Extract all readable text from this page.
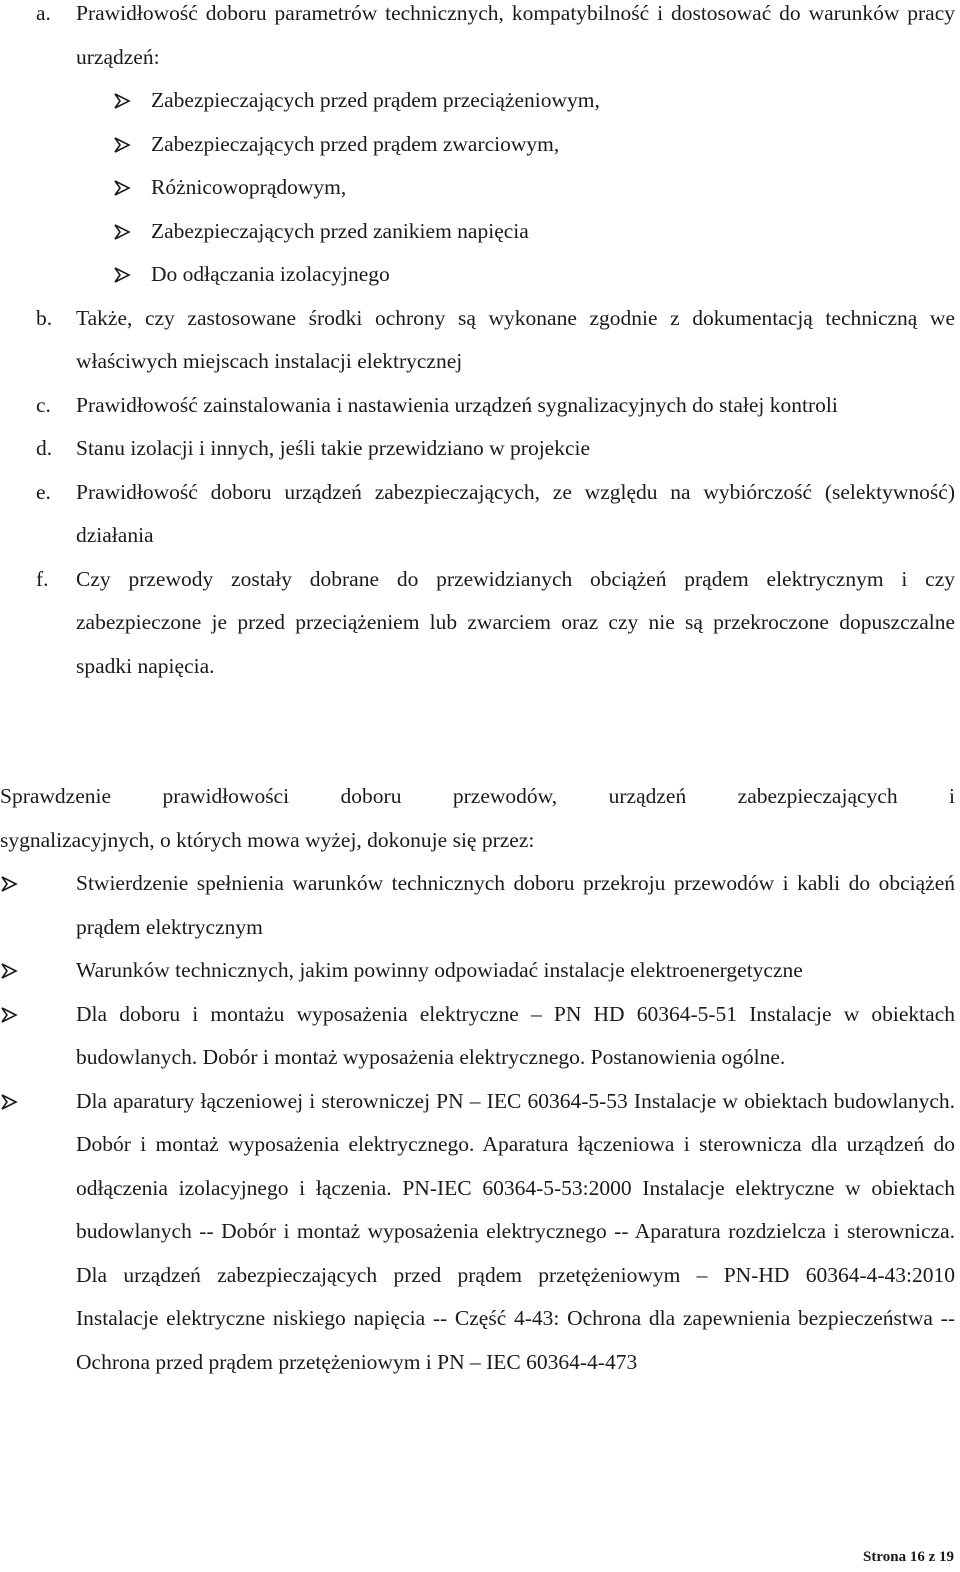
a. Prawidłowość doboru parametrów technicznych, kompatybilność i dostosować do warunków pracy urządzeń:
Zabezpieczających przed prądem przeciążeniowym,
Zabezpieczających przed prądem zwarciowym,
Różnicowoprądowym,
Zabezpieczających przed zanikiem napięcia
Do odłączania izolacyjnego
b. Także, czy zastosowane środki ochrony są wykonane zgodnie z dokumentacją techniczną we właściwych miejscach instalacji elektrycznej
c. Prawidłowość zainstalowania i nastawienia urządzeń sygnalizacyjnych do stałej kontroli
d. Stanu izolacji i innych, jeśli takie przewidziano w projekcie
e. Prawidłowość doboru urządzeń zabezpieczających, ze względu na wybiórczość (selektywność) działania
f. Czy przewody zostały dobrane do przewidzianych obciążeń prądem elektrycznym i czy zabezpieczone je przed przeciążeniem lub zwarciem oraz czy nie są przekroczone dopuszczalne spadki napięcia.

Sprawdzenie prawidłowości doboru przewodów, urządzeń zabezpieczających i
sygnalizacyjnych, o których mowa wyżej, dokonuje się przez:

Stwierdzenie spełnienia warunków technicznych doboru przekroju przewodów i kabli do obciążeń prądem elektrycznym
Warunków technicznych, jakim powinny odpowiadać instalacje elektroenergetyczne
Dla doboru i montażu wyposażenia elektryczne – PN HD 60364-5-51 Instalacje w obiektach budowlanych. Dobór i montaż wyposażenia elektrycznego. Postanowienia ogólne.
Dla aparatury łączeniowej i sterowniczej PN – IEC 60364-5-53 Instalacje w obiektach budowlanych. Dobór i montaż wyposażenia elektrycznego. Aparatura łączeniowa i sterownicza dla urządzeń do odłączenia izolacyjnego i łączenia. PN-IEC 60364-5-53:2000 Instalacje elektryczne w obiektach budowlanych -- Dobór i montaż wyposażenia elektrycznego -- Aparatura rozdzielcza i sterownicza. Dla urządzeń zabezpieczających przed prądem przetężeniowym – PN-HD 60364-4-43:2010 Instalacje elektryczne niskiego napięcia -- Część 4-43: Ochrona dla zapewnienia bezpieczeństwa -- Ochrona przed prądem przetężeniowym i PN – IEC 60364-4-473
Strona 16 z 19
